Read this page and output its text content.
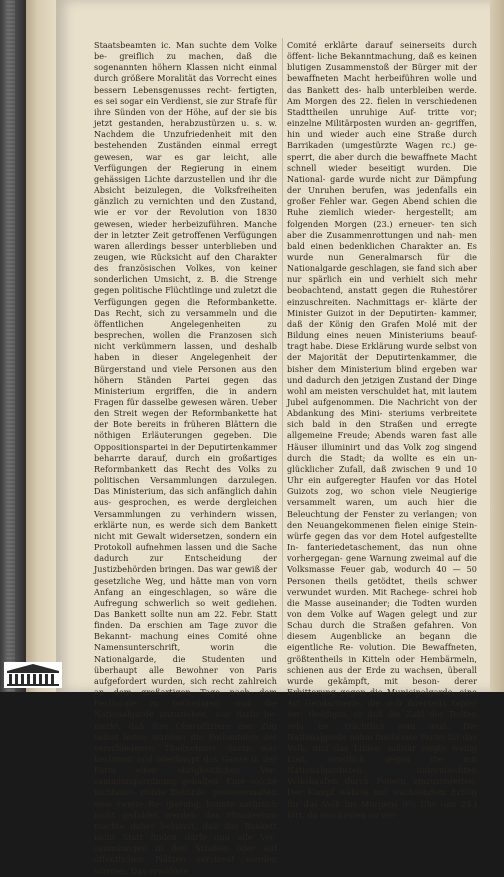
Staatsbeamten ic. Man suchte dem Volke be- greiflich zu machen, daß die sogenannten höhern Klassen nicht einmal durch größere Moralität das Vorrecht eines bessern Lebensgenusses recht- fertigten, es sei sogar ein Verdienst, sie zur Strafe für ihre Sünden von der Höhe, auf der sie bis jetzt gestanden, herabzustürzen u. s. w. Nachdem die Unzufriedenheit mit den bestehenden Zuständen einmal erregt gewesen, war es gar leicht, alle Verfügungen der Regierung in einem gehässigen Lichte darzustellen und ihr die Absicht beizulegen, die Volksfreiheiten gänzlich zu vernichten und den Zustand, wie er vor der Revolution von 1830 gewesen, wieder herbeizuführen. Manche der in letzter Zeit getroffenen Verfügungen waren allerdings besser unterblieben und zeugen, wie Rücksicht auf den Charakter des französischen Volkes, von keiner sonderlichen Umsicht, z. B. die Strenge gegen politische Flüchtlinge und zuletzt die Verfügungen gegen die Reformbankette. Das Recht, sich zu versammeln und die öffentlichen Angelegenheiten zu besprechen, wollen die Franzosen sich nicht verkümmern lassen, und deshalb haben in dieser Angelegenheit der Bürgerstand und viele Personen aus den höhern Ständen Partei gegen das Ministerium ergriffen, die in andern Fragen für dasselbe gewesen wären. Ueber den Streit wegen der Reformbankette hat der Bote bereits in früheren Blättern die nöthigen Erläuterungen gegeben. Die Oppositionspartei in der Deputirtenkammer beharrte darauf, durch ein großartiges Reformbankett das Recht des Volks zu politischen Versammlungen darzulegen. Das Ministerium, das sich anfänglich dahin aus- gesprochen, es werde dergleichen Versammlungen zu verhindern wissen, erklärte nun, es werde sich dem Bankett nicht mit Gewalt widersetzen, sondern ein Protokoll aufnehmen lassen und die Sache dadurch zur Entscheidung der Justizbehörden bringen. Das war gewiß der gesetzliche Weg, und hätte man von vorn Anfang an eingeschlagen, so wäre die Aufregung schwerlich so weit gediehen. Das Bankett sollte nun am 22. Febr. Statt finden. Da erschien am Tage zuvor die Bekannt- machung eines Comité ohne Namensunterschrift, worin die Nationalgarde, die Studenten und überhaupt alle Bewohner von Paris aufgefordert wurden, sich recht zahlreich an dem großartigen Tage nach dem Festlocale zu betheiligen; und die Nationalgarde anzuziehen, war darin be- merkt, daß ihre Oberoffiziere den Zug selbst leiten würden; die Reihenfolge der verschiedenen Theilnehmer daran war bestimmt und überhaupt das Ganze in der Form einer obrigkeitlichen Ver- sammlungsordnung gehalten. Eine solche nichtauto- risirte Behörde, gewissermaßen eine zweite Re- gierung, konnte natürlich nicht geduldet werden; das Ministerium machte daher bekannt, daß das Bankett nicht Statt finden dürfe und alle Ver- sammlungen in den Straßen oder auf öffentlichen Plätzen zerstreut werden würden. Das erwähnte
Comité erklärte darauf seinerseits durch öffent- liche Bekanntmachung, daß es keinen blutigen Zusammenstoß der Bürger mit der bewaffneten Macht herbeiführen wolle und das Bankett des- halb unterbleiben werde. Am Morgen des 22. fielen in verschiedenen Stadttheilen unruhige Auf- tritte vor; einzelne Militärposten wurden an- gegriffen, hin und wieder auch eine Straße durch Barrikaden (umgestürzte Wagen rc.) ge- sperrt, die aber durch die bewaffnete Macht schnell wieder beseitigt wurden. Die National- garde wurde nicht zur Dämpfung der Unruhen berufen, was jedenfalls ein großer Fehler war. Gegen Abend schien die Ruhe ziemlich wieder- hergestellt; am folgenden Morgen (23.) erneuer- ten sich aber die Zusammenrottungen und nah- men bald einen bedenklichen Charakter an. Es wurde nun Generalmarsch für die Nationalgarde geschlagen, sie fand sich aber nur spärlich ein und verhielt sich mehr beobachtend, anstatt gegen die Ruhestörer einzuschreiten. Nachmittags er- klärte der Minister Guizot in der Deputirten- kammer, daß der König den Grafen Molé mit der Bildung eines neuen Ministeriums beauf- tragt habe. Diese Erklärung wurde selbst von der Majorität der Deputirtenkammer, die bisher dem Ministerium blind ergeben war und dadurch den jetzigen Zustand der Dinge wohl am meisten verschuldet hat, mit lautem Jubel aufgenommen. Die Nachricht von der Abdankung des Mini- steriums verbreitete sich bald in den Straßen und erregte allgemeine Freude; Abends waren fast alle Häuser illuminirt und das Volk zog singend durch die Stadt; da wollte es ein un- glücklicher Zufall, daß zwischen 9 und 10 Uhr ein aufgeregter Haufen vor das Hotel Guizots zog, wo schon viele Neugierige versammelt waren, um auch hier die Beleuchtung der Fenster zu verlangen; von den Neuangekommenen fielen einige Stein- würfe gegen das vor dem Hotel aufgestellte In- fanteriedetaschement, das nun ohne vorhergegan- gene Warnung zweimal auf die Volksmasse Feuer gab, wodurch 40 — 50 Personen theils getödtet, theils schwer verwundet wurden. Mit Rachege- schrei hob die Masse auseinander; die Todten wurden von dem Volke auf Wagen gelegt und zur Schau durch die Straßen gefahren. Von diesem Augenblicke an begann die eigentliche Re- volution. Die Bewaffneten, größtentheils in Kitteln oder Hembärmeln, schienen aus der Erde zu wachsen, überall wurde gekämpft, mit beson- derer Erbitterung gegen die Municipalgarde, eine Art Gendarmerie, die sich ihrerseits tapfer ver- theidigte, so daß die Zahl der Todten sehr be- trächtlich sein muß. Die Nationalgarde nahm theilweise Partei für das Volk, und das Linien- militär zeigte wenig Lust, ernstlich gegen die mit Nationalgardisten untermischten Volkshaufen durch Feuern einzuschreiten. Der Kampf währte mit wachsendem Erfolg für das Volk bis Morgens 9½ Uhr (am 24.) fort, da erschienen an ver-
